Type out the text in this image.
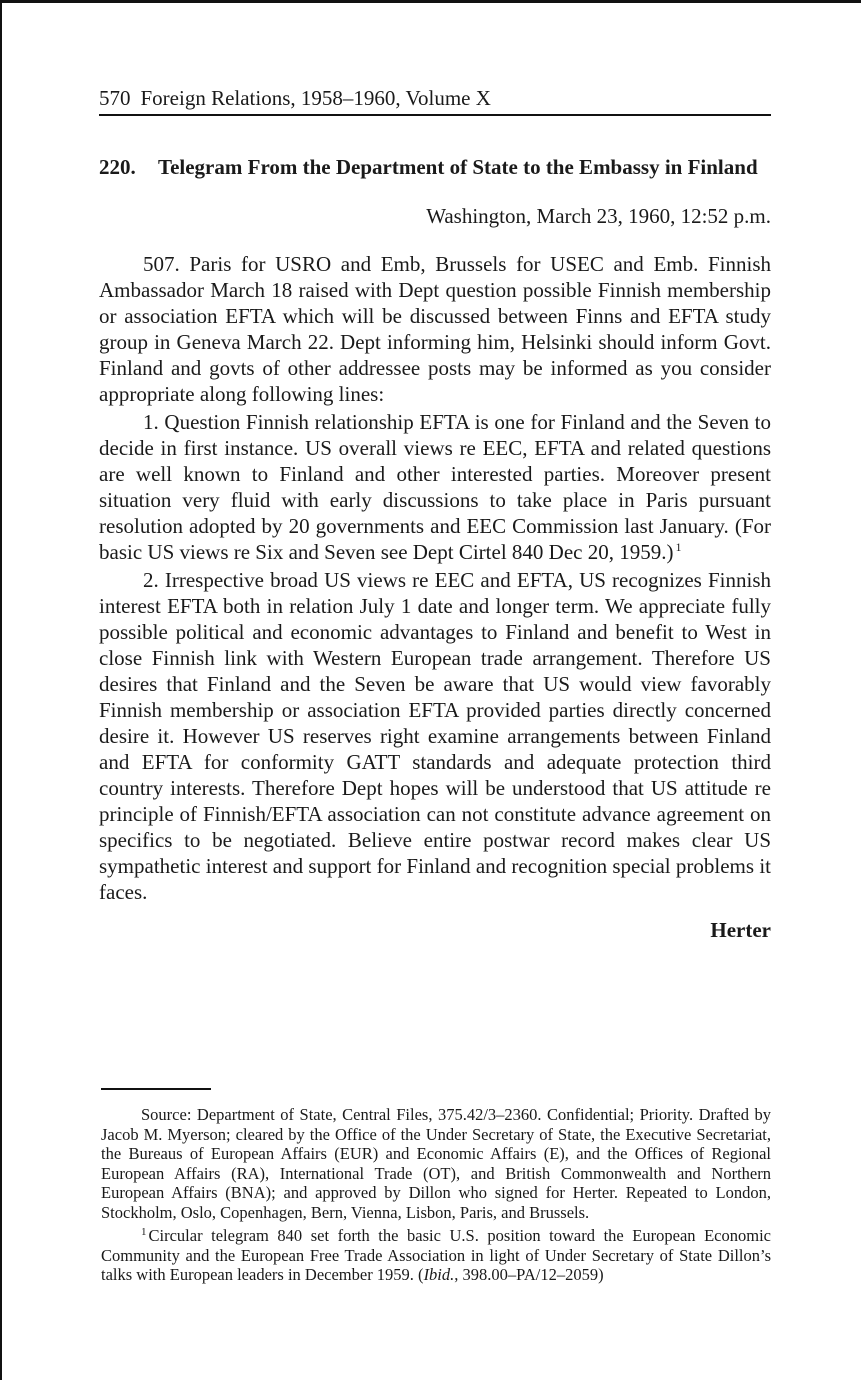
570 Foreign Relations, 1958–1960, Volume X
220.	Telegram From the Department of State to the Embassy in Finland
Washington, March 23, 1960, 12:52 p.m.

507. Paris for USRO and Emb, Brussels for USEC and Emb. Finnish Ambassador March 18 raised with Dept question possible Finnish membership or association EFTA which will be discussed between Finns and EFTA study group in Geneva March 22. Dept informing him, Helsinki should inform Govt. Finland and govts of other addressee posts may be informed as you consider appropriate along following lines:

1. Question Finnish relationship EFTA is one for Finland and the Seven to decide in first instance. US overall views re EEC, EFTA and related questions are well known to Finland and other interested parties. Moreover present situation very fluid with early discussions to take place in Paris pursuant resolution adopted by 20 governments and EEC Commission last January. (For basic US views re Six and Seven see Dept Cirtel 840 Dec 20, 1959.) $^1$

2. Irrespective broad US views re EEC and EFTA, US recognizes Finnish interest EFTA both in relation July 1 date and longer term. We appreciate fully possible political and economic advantages to Finland and benefit to West in close Finnish link with Western European trade arrangement. Therefore US desires that Finland and the Seven be aware that US would view favorably Finnish membership or association EFTA provided parties directly concerned desire it. However US reserves right examine arrangements between Finland and EFTA for conformity GATT standards and adequate protection third country interests. Therefore Dept hopes will be understood that US attitude re principle of Finnish/EFTA association can not constitute advance agreement on specifics to be negotiated. Believe entire postwar record makes clear US sympathetic interest and support for Finland and recognition special problems it faces.

Herter

Source: Department of State, Central Files, 375.42/3–2360. Confidential; Priority. Drafted by Jacob M. Myerson; cleared by the Office of the Under Secretary of State, the Executive Secretariat, the Bureaus of European Affairs (EUR) and Economic Affairs (E), and the Offices of Regional European Affairs (RA), International Trade (OT), and British Commonwealth and Northern European Affairs (BNA); and approved by Dillon who signed for Herter. Repeated to London, Stockholm, Oslo, Copenhagen, Bern, Vienna, Lisbon, Paris, and Brussels.

$^1$ Circular telegram 840 set forth the basic U.S. position toward the European Economic Community and the European Free Trade Association in light of Under Secretary of State Dillon’s talks with European leaders in December 1959. (Ibid., 398.00–PA/12–2059)
